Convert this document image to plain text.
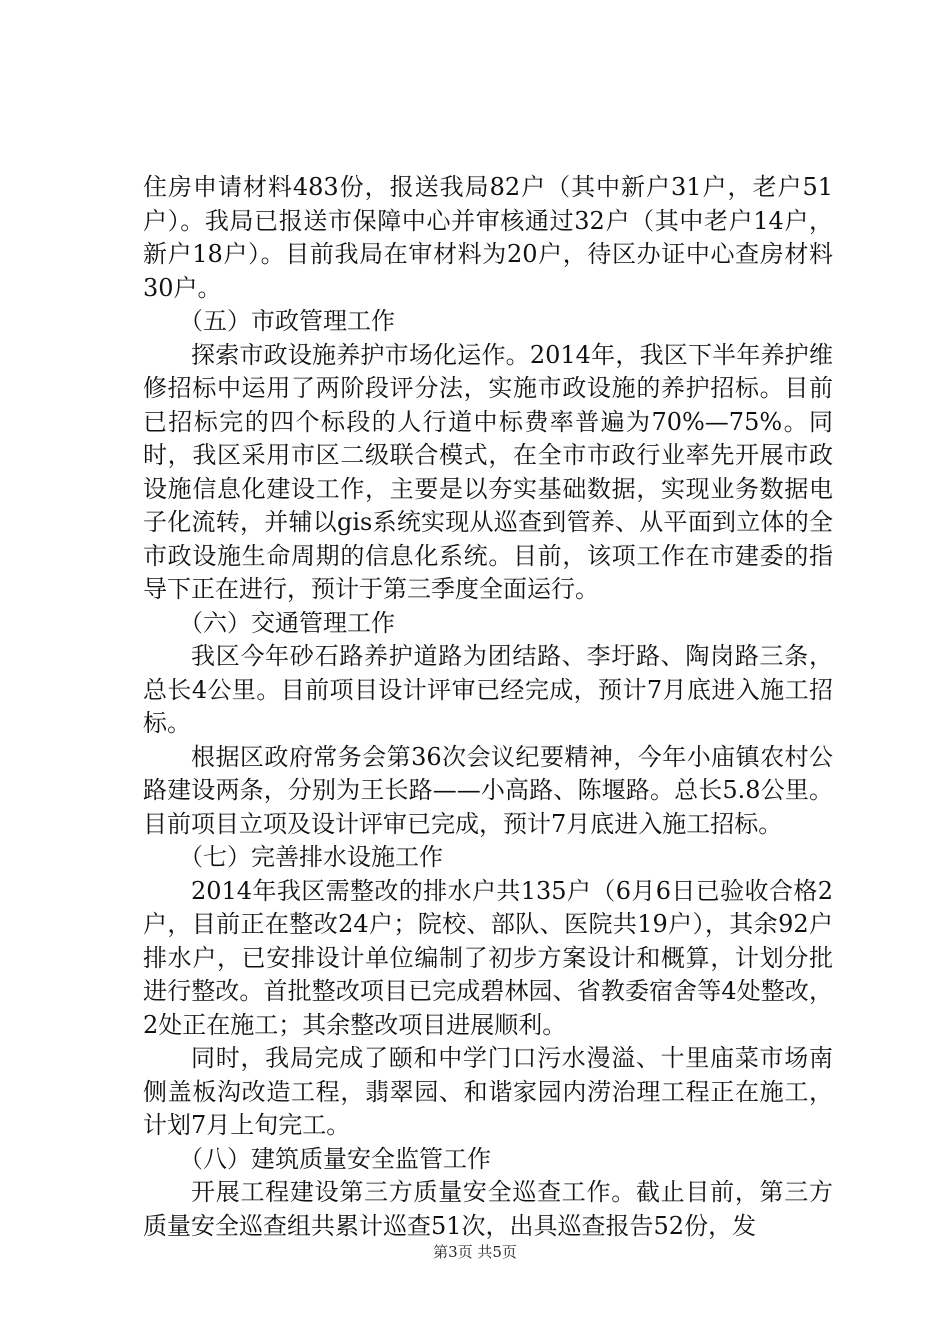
住房申请材料483份，报送我局82户（其中新户31户，老户51户）。我局已报送市保障中心并审核通过32户（其中老户14户，新户18户）。目前我局在审材料为20户，待区办证中心查房材料30户。

（五）市政管理工作

探索市政设施养护市场化运作。2014年，我区下半年养护维修招标中运用了两阶段评分法，实施市政设施的养护招标。目前已招标完的四个标段的人行道中标费率普遍为70%—75%。同时，我区采用市区二级联合模式，在全市市政行业率先开展市政设施信息化建设工作，主要是以夯实基础数据，实现业务数据电子化流转，并辅以gis系统实现从巡查到管养、从平面到立体的全市政设施生命周期的信息化系统。目前，该项工作在市建委的指导下正在进行，预计于第三季度全面运行。

（六）交通管理工作

我区今年砂石路养护道路为团结路、李圩路、陶岗路三条，总长4公里。目前项目设计评审已经完成，预计7月底进入施工招标。

根据区政府常务会第36次会议纪要精神，今年小庙镇农村公路建设两条，分别为王长路——小高路、陈堰路。总长5.8公里。目前项目立项及设计评审已完成，预计7月底进入施工招标。

（七）完善排水设施工作

2014年我区需整改的排水户共135户（6月6日已验收合格2户，目前正在整改24户；院校、部队、医院共19户），其余92户排水户，已安排设计单位编制了初步方案设计和概算，计划分批进行整改。首批整改项目已完成碧林园、省教委宿舍等4处整改，2处正在施工；其余整改项目进展顺利。

同时，我局完成了颐和中学门口污水漫溢、十里庙菜市场南侧盖板沟改造工程，翡翠园、和谐家园内涝治理工程正在施工，计划7月上旬完工。

（八）建筑质量安全监管工作

开展工程建设第三方质量安全巡查工作。截止目前，第三方质量安全巡查组共累计巡查51次，出具巡查报告52份，发

第3页 共5页
